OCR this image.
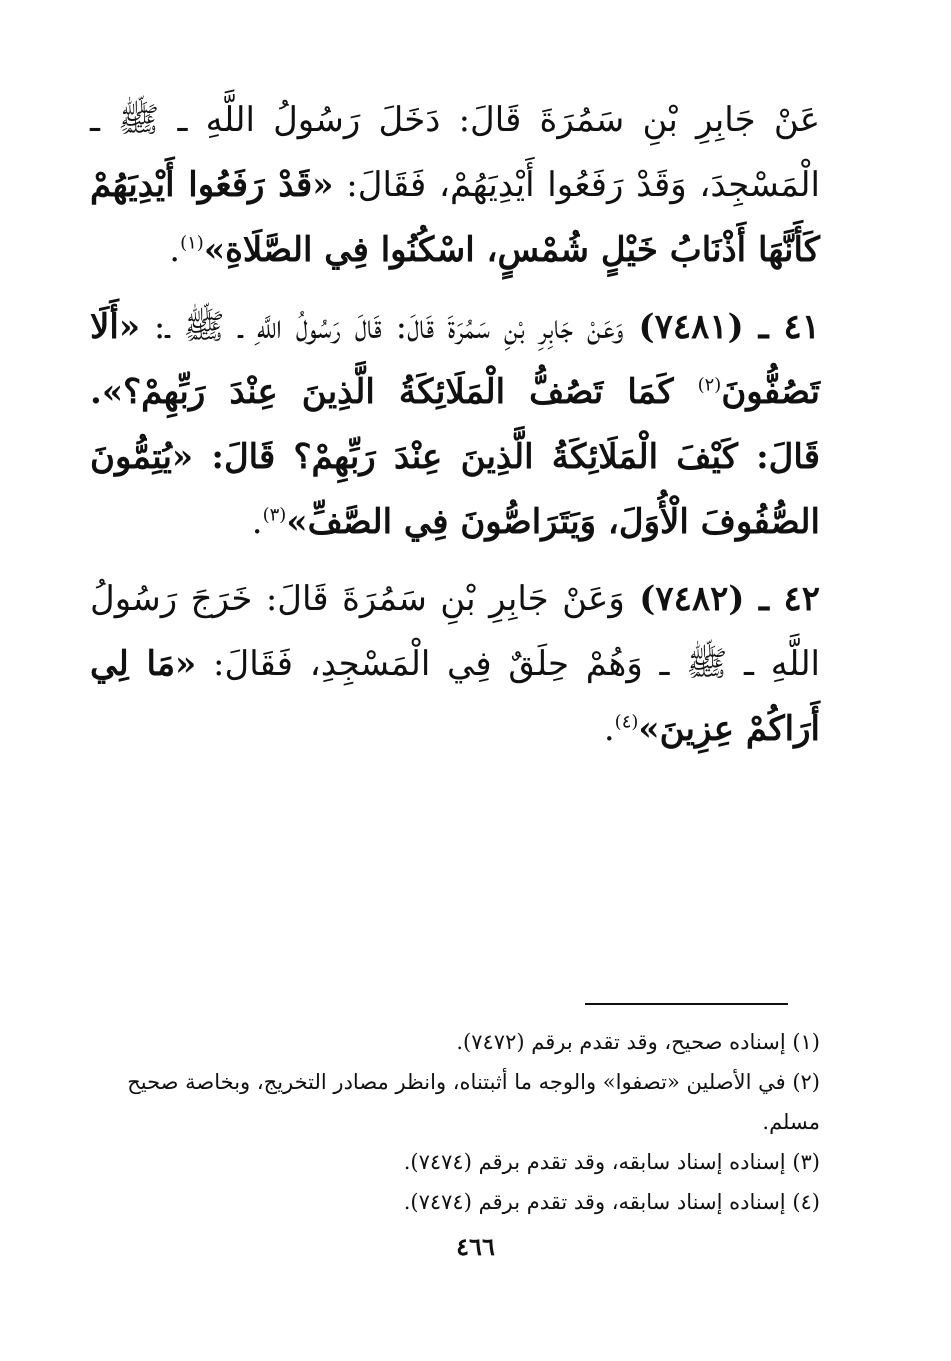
عَنْ جَابِرِ بْنِ سَمُرَةَ قَالَ: دَخَلَ رَسُولُ اللَّهِ ـ ﷺ ـ الْمَسْجِدَ، وَقَدْ رَفَعُوا أَيْدِيَهُمْ، فَقَالَ: «قَدْ رَفَعُوا أَيْدِيَهُمْ كَأَنَّهَا أَذْنَابُ خَيْلٍ شُمْسٍ، اسْكُنُوا فِي الصَّلَاةِ»$^{(١)}$.

٤١ ـ (٧٤٨١) وَعَنْ جَابِرِ بْنِ سَمُرَةَ قَالَ: قَالَ رَسُولُ اللَّهِ ـ ﷺ ـ: «أَلَا تَصُفُّونَ$^{(٢)}$ كَمَا تَصُفُّ الْمَلَائِكَةُ الَّذِينَ عِنْدَ رَبِّهِمْ؟». قَالَ: كَيْفَ الْمَلَائِكَةُ الَّذِينَ عِنْدَ رَبِّهِمْ؟ قَالَ: «يُتِمُّونَ الصُّفُوفَ الْأُوَلَ، وَيَتَرَاصُّونَ فِي الصَّفِّ»$^{(٣)}$.

٤٢ ـ (٧٤٨٢) وَعَنْ جَابِرِ بْنِ سَمُرَةَ قَالَ: خَرَجَ رَسُولُ اللَّهِ ـ ﷺ ـ وَهُمْ حِلَقٌ فِي الْمَسْجِدِ، فَقَالَ: «مَا لِي أَرَاكُمْ عِزِينَ»$^{(٤)}$.

(١) إسناده صحيح، وقد تقدم برقم (٧٤٧٢).

(٢) في الأصلين «تصفوا» والوجه ما أثبتناه، وانظر مصادر التخريج، وبخاصة صحيح مسلم.

(٣) إسناده إسناد سابقه، وقد تقدم برقم (٧٤٧٤).

(٤) إسناده إسناد سابقه، وقد تقدم برقم (٧٤٧٤).

٤٦٦
